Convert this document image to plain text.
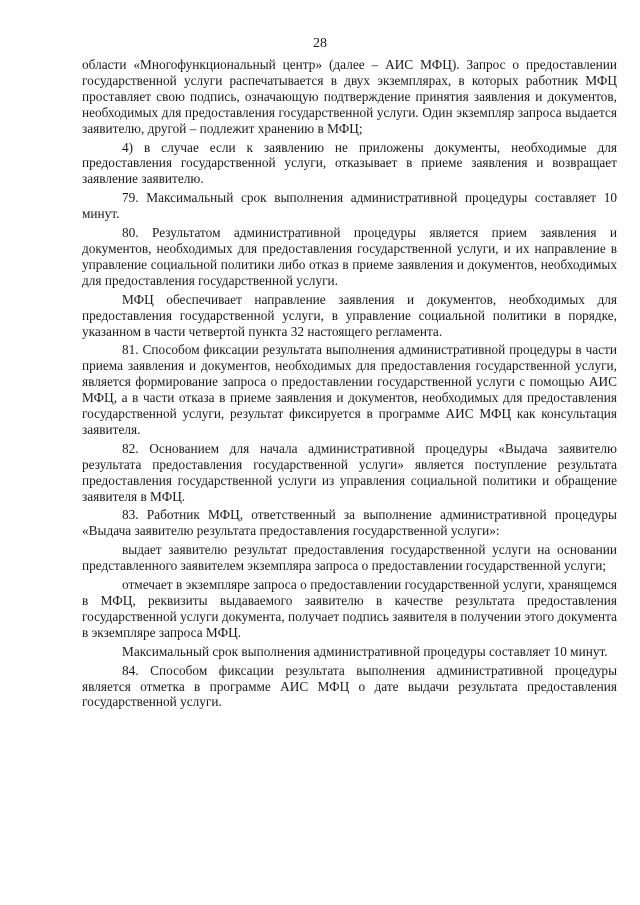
28

области «Многофункциональный центр» (далее – АИС МФЦ). Запрос о предоставлении государственной услуги распечатывается в двух экземплярах, в которых работник МФЦ проставляет свою подпись, означающую подтверждение принятия заявления и документов, необходимых для предоставления государственной услуги. Один экземпляр запроса выдается заявителю, другой – подлежит хранению в МФЦ;

4) в случае если к заявлению не приложены документы, необходимые для предоставления государственной услуги, отказывает в приеме заявления и возвращает заявление заявителю.

79. Максимальный срок выполнения административной процедуры составляет 10 минут.

80. Результатом административной процедуры является прием заявления и документов, необходимых для предоставления государственной услуги, и их направление в управление социальной политики либо отказ в приеме заявления и документов, необходимых для предоставления государственной услуги.

МФЦ обеспечивает направление заявления и документов, необходимых для предоставления государственной услуги, в управление социальной политики в порядке, указанном в части четвертой пункта 32 настоящего регламента.

81. Способом фиксации результата выполнения административной процедуры в части приема заявления и документов, необходимых для предоставления государственной услуги, является формирование запроса о предоставлении государственной услуги с помощью АИС МФЦ, а в части отказа в приеме заявления и документов, необходимых для предоставления государственной услуги, результат фиксируется в программе АИС МФЦ как консультация заявителя.

82. Основанием для начала административной процедуры «Выдача заявителю результата предоставления государственной услуги» является поступление результата предоставления государственной услуги из управления социальной политики и обращение заявителя в МФЦ.

83. Работник МФЦ, ответственный за выполнение административной процедуры «Выдача заявителю результата предоставления государственной услуги»:

выдает заявителю результат предоставления государственной услуги на основании представленного заявителем экземпляра запроса о предоставлении государственной услуги;

отмечает в экземпляре запроса о предоставлении государственной услуги, хранящемся в МФЦ, реквизиты выдаваемого заявителю в качестве результата предоставления государственной услуги документа, получает подпись заявителя в получении этого документа в экземпляре запроса МФЦ.

Максимальный срок выполнения административной процедуры составляет 10 минут.

84. Способом фиксации результата выполнения административной процедуры является отметка в программе АИС МФЦ о дате выдачи результата предоставления государственной услуги.
